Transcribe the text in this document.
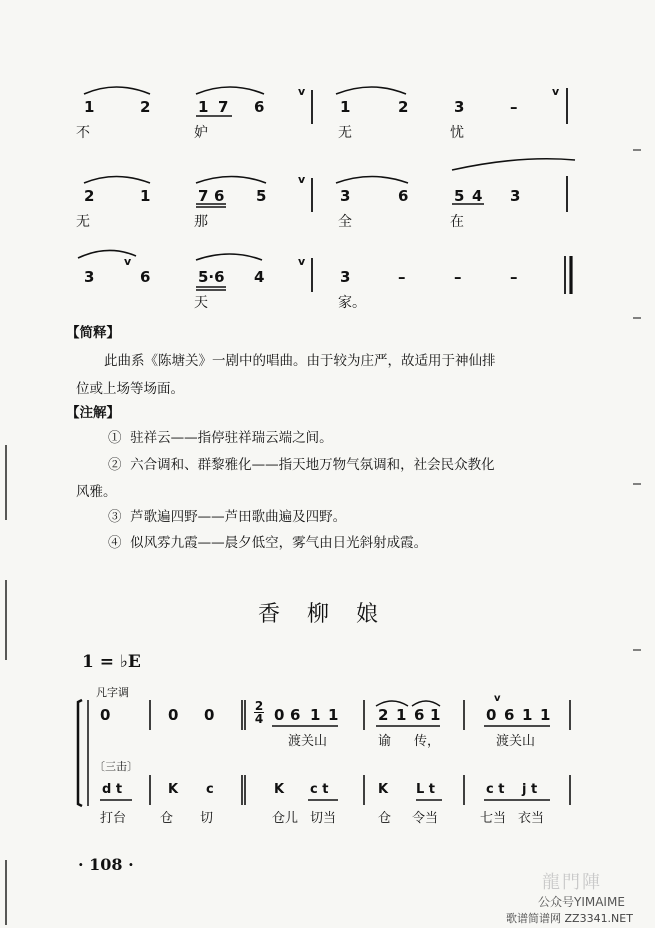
1	2	1 7 6
v
1	2	3	–
v
不	妒	无	忧
2	1	7 6 5
v
3	6	5 4 3
无	那	全	在
3
v
6	5·6 4
v
3	–	–	–
天	家。
【简释】
此曲系《陈塘关》一剧中的唱曲。由于较为庄严，故适用于神仙排
位或上场等场面。
【注解】
① 驻祥云——指停驻祥瑞云端之间。
② 六合调和、群黎雅化——指天地万物气氛调和，社会民众教化
风雅。
③ 芦歌遍四野——芦田歌曲遍及四野。
④ 似风雰九霞——晨夕低空，雾气由日光斜射成霞。
香 柳 娘
1 = ♭E
凡字调
〔三击〕
2
4
0	0 0	0 6 1 1	2 1 6 1	0 6 1 1
v
渡关山	谕 传，	渡关山
d t	K c	K c t	K L t	c t j t
打台	仓 切	仓儿 切当	仓 令当	七当 衣当
· 108 ·
龍門陣
公众号YIMAIME
歌谱简谱网 ZZ3341.NET
